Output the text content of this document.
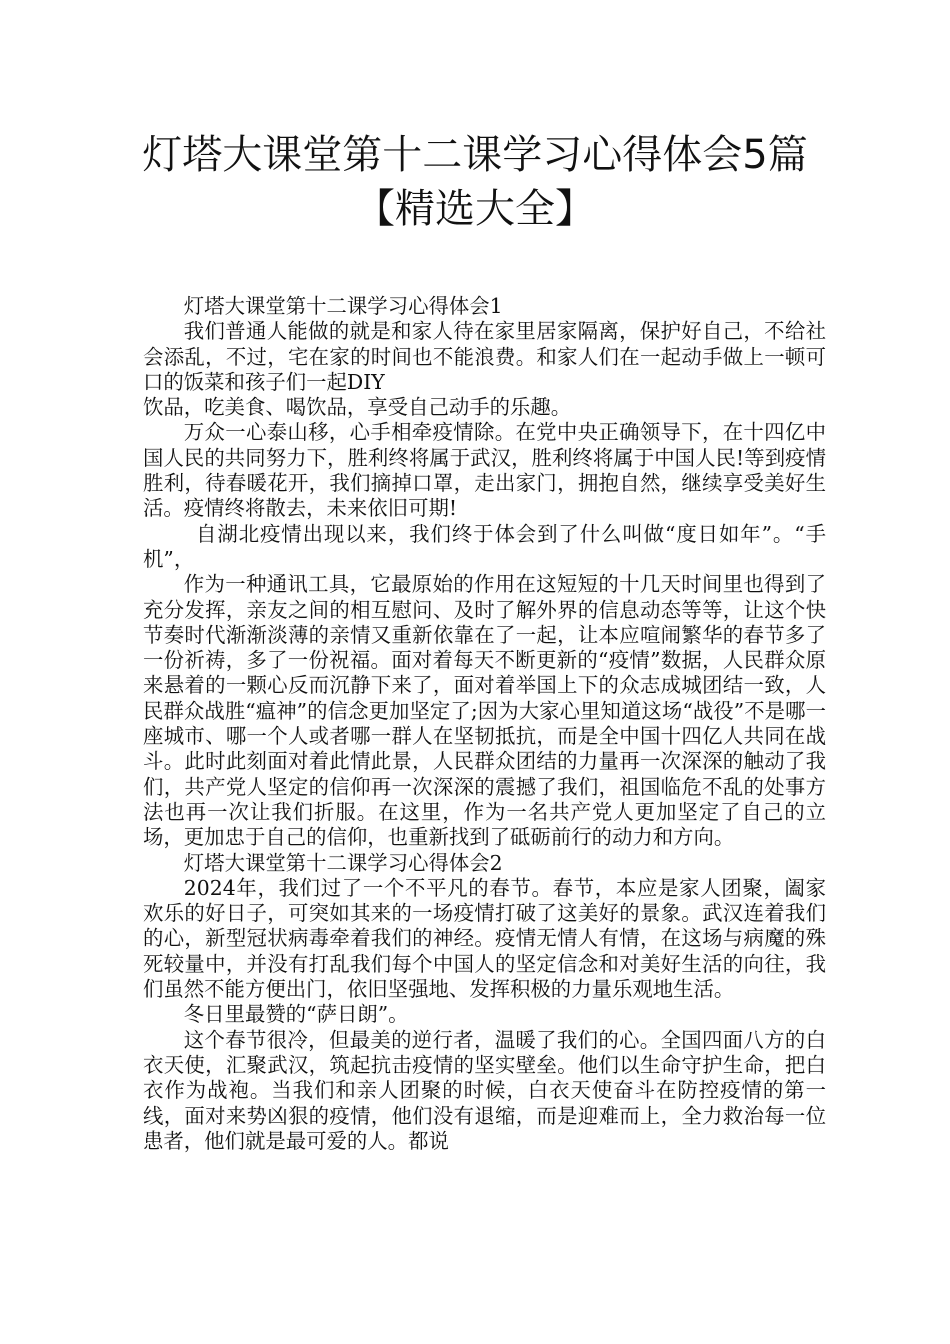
灯塔大课堂第十二课学习心得体会5篇
【精选大全】

灯塔大课堂第十二课学习心得体会1

我们普通人能做的就是和家人待在家里居家隔离，保护好自己，不给社会添乱，不过，宅在家的时间也不能浪费。和家人们在一起动手做上一顿可口的饭菜和孩子们一起DIY

饮品，吃美食、喝饮品，享受自己动手的乐趣。

万众一心泰山移，心手相牵疫情除。在党中央正确领导下，在十四亿中国人民的共同努力下，胜利终将属于武汉，胜利终将属于中国人民!等到疫情胜利，待春暖花开，我们摘掉口罩，走出家门，拥抱自然，继续享受美好生活。疫情终将散去，未来依旧可期!

自湖北疫情出现以来，我们终于体会到了什么叫做“度日如年”。“手机”，

作为一种通讯工具，它最原始的作用在这短短的十几天时间里也得到了充分发挥，亲友之间的相互慰问、及时了解外界的信息动态等等，让这个快节奏时代渐渐淡薄的亲情又重新依靠在了一起，让本应喧闹繁华的春节多了一份祈祷，多了一份祝福。面对着每天不断更新的“疫情”数据，人民群众原来悬着的一颗心反而沉静下来了，面对着举国上下的众志成城团结一致，人民群众战胜“瘟神”的信念更加坚定了;因为大家心里知道这场“战役”不是哪一座城市、哪一个人或者哪一群人在坚韧抵抗，而是全中国十四亿人共同在战斗。此时此刻面对着此情此景，人民群众团结的力量再一次深深的触动了我们，共产党人坚定的信仰再一次深深的震撼了我们，祖国临危不乱的处事方法也再一次让我们折服。在这里，作为一名共产党人更加坚定了自己的立场，更加忠于自己的信仰，也重新找到了砥砺前行的动力和方向。

灯塔大课堂第十二课学习心得体会2

2024年，我们过了一个不平凡的春节。春节，本应是家人团聚，阖家欢乐的好日子，可突如其来的一场疫情打破了这美好的景象。武汉连着我们的心，新型冠状病毒牵着我们的神经。疫情无情人有情，在这场与病魔的殊死较量中，并没有打乱我们每个中国人的坚定信念和对美好生活的向往，我们虽然不能方便出门，依旧坚强地、发挥积极的力量乐观地生活。

冬日里最赞的“萨日朗”。

这个春节很冷，但最美的逆行者，温暖了我们的心。全国四面八方的白衣天使，汇聚武汉，筑起抗击疫情的坚实壁垒。他们以生命守护生命，把白衣作为战袍。当我们和亲人团聚的时候，白衣天使奋斗在防控疫情的第一线，面对来势凶狠的疫情，他们没有退缩，而是迎难而上，全力救治每一位患者，他们就是最可爱的人。都说
